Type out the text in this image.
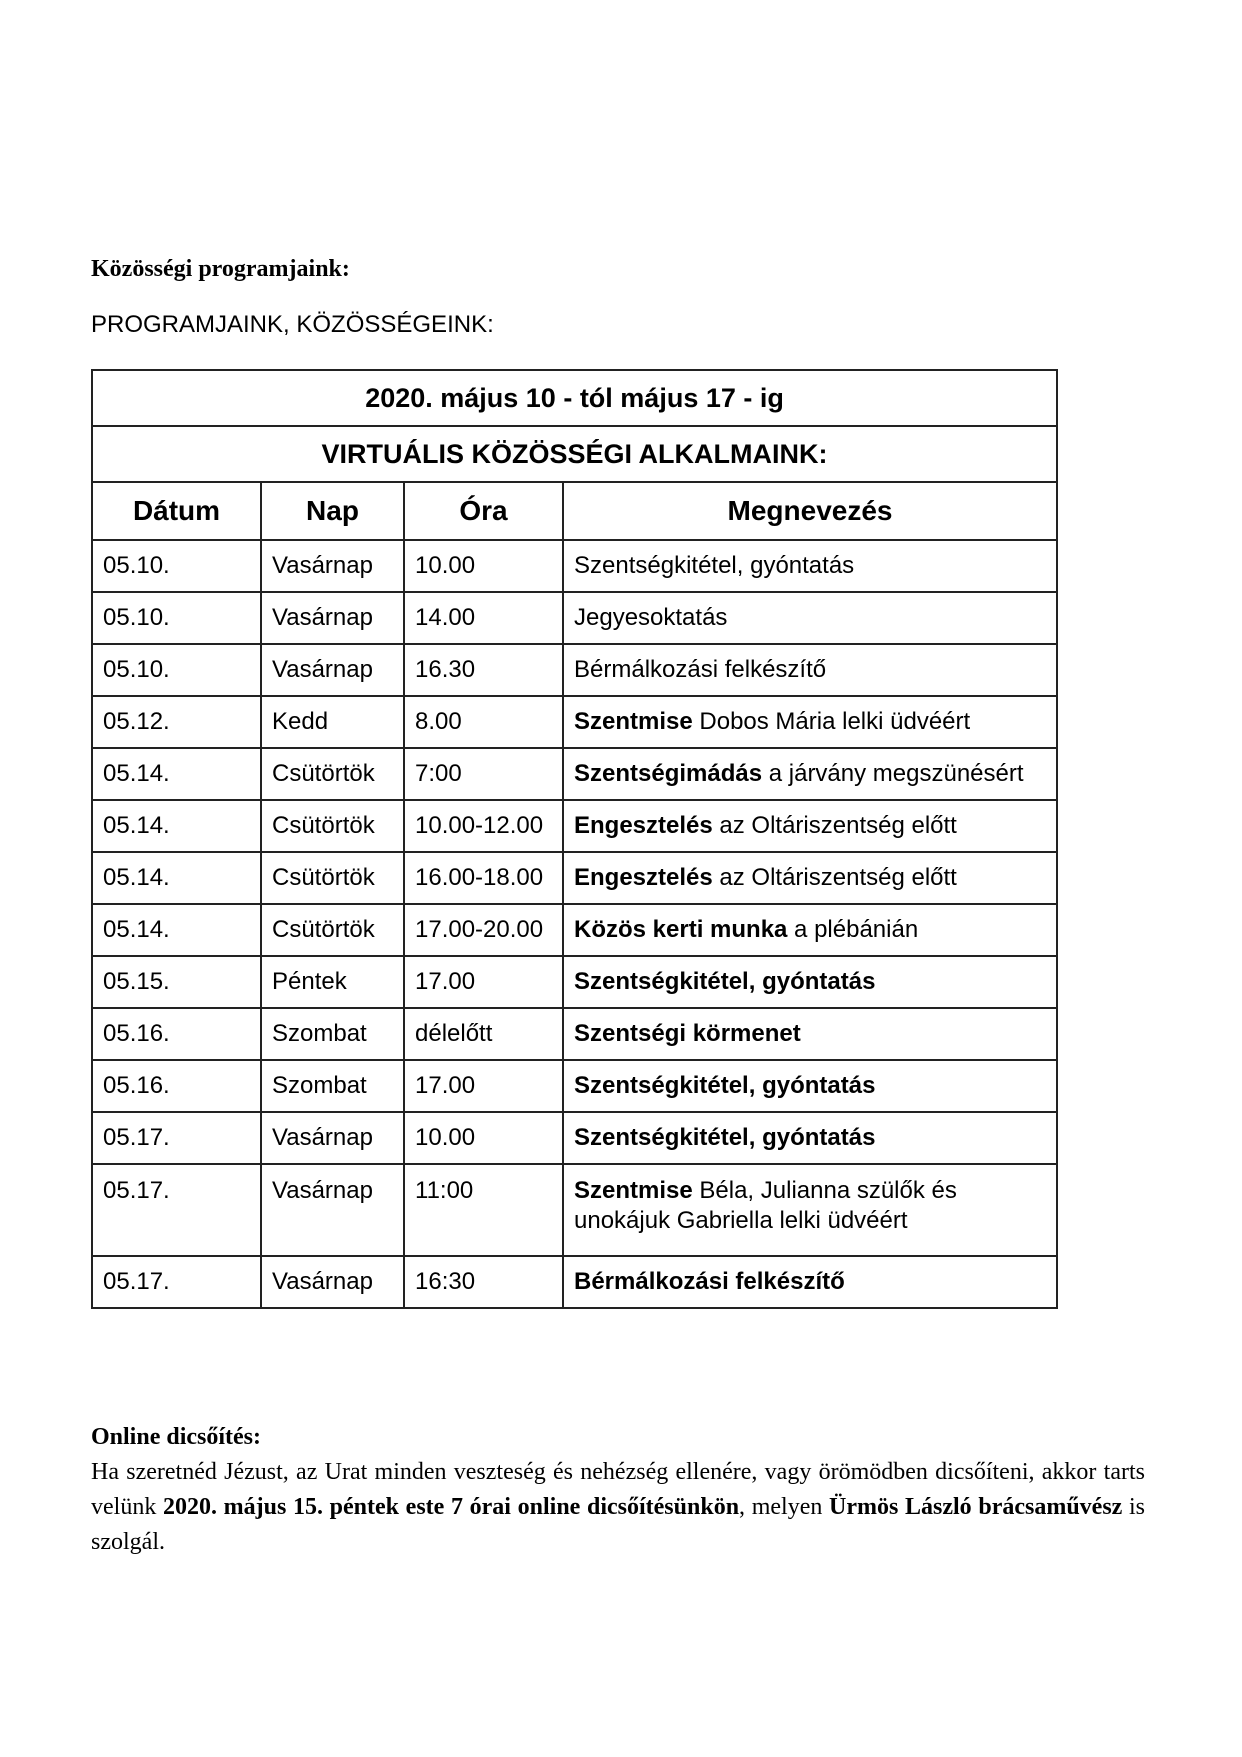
Közösségi programjaink:
PROGRAMJAINK, KÖZÖSSÉGEINK:
2020. május 10 - tól május 17 - ig			
VIRTUÁLIS KÖZÖSSÉGI ALKALMAINK:			
Dátum	Nap	Óra	Megnevezés
05.10.	Vasárnap	10.00	Szentségkitétel, gyóntatás
05.10.	Vasárnap	14.00	Jegyesoktatás
05.10.	Vasárnap	16.30	Bérmálkozási felkészítő
05.12.	Kedd	8.00	Szentmise Dobos Mária lelki üdvéért
05.14.	Csütörtök	7:00	Szentségimádás a járvány megszünésért
05.14.	Csütörtök	10.00-12.00	Engesztelés az Oltáriszentség előtt
05.14.	Csütörtök	16.00-18.00	Engesztelés az Oltáriszentség előtt
05.14.	Csütörtök	17.00-20.00	Közös kerti munka a plébánián
05.15.	Péntek	17.00	Szentségkitétel, gyóntatás
05.16.	Szombat	délelőtt	Szentségi körmenet
05.16.	Szombat	17.00	Szentségkitétel, gyóntatás
05.17.	Vasárnap	10.00	Szentségkitétel, gyóntatás
05.17.	Vasárnap	11:00	Szentmise Béla, Julianna szülők és unokájuk Gabriella lelki üdvéért
05.17.	Vasárnap	16:30	Bérmálkozási felkészítő
Online dicsőítés:
Ha szeretnéd Jézust, az Urat minden veszteség és nehézség ellenére, vagy örömödben dicsőíteni, akkor tarts velünk 2020. május 15. péntek este 7 órai online dicsőítésünkön, melyen Ürmös László brácsaművész is szolgál.
